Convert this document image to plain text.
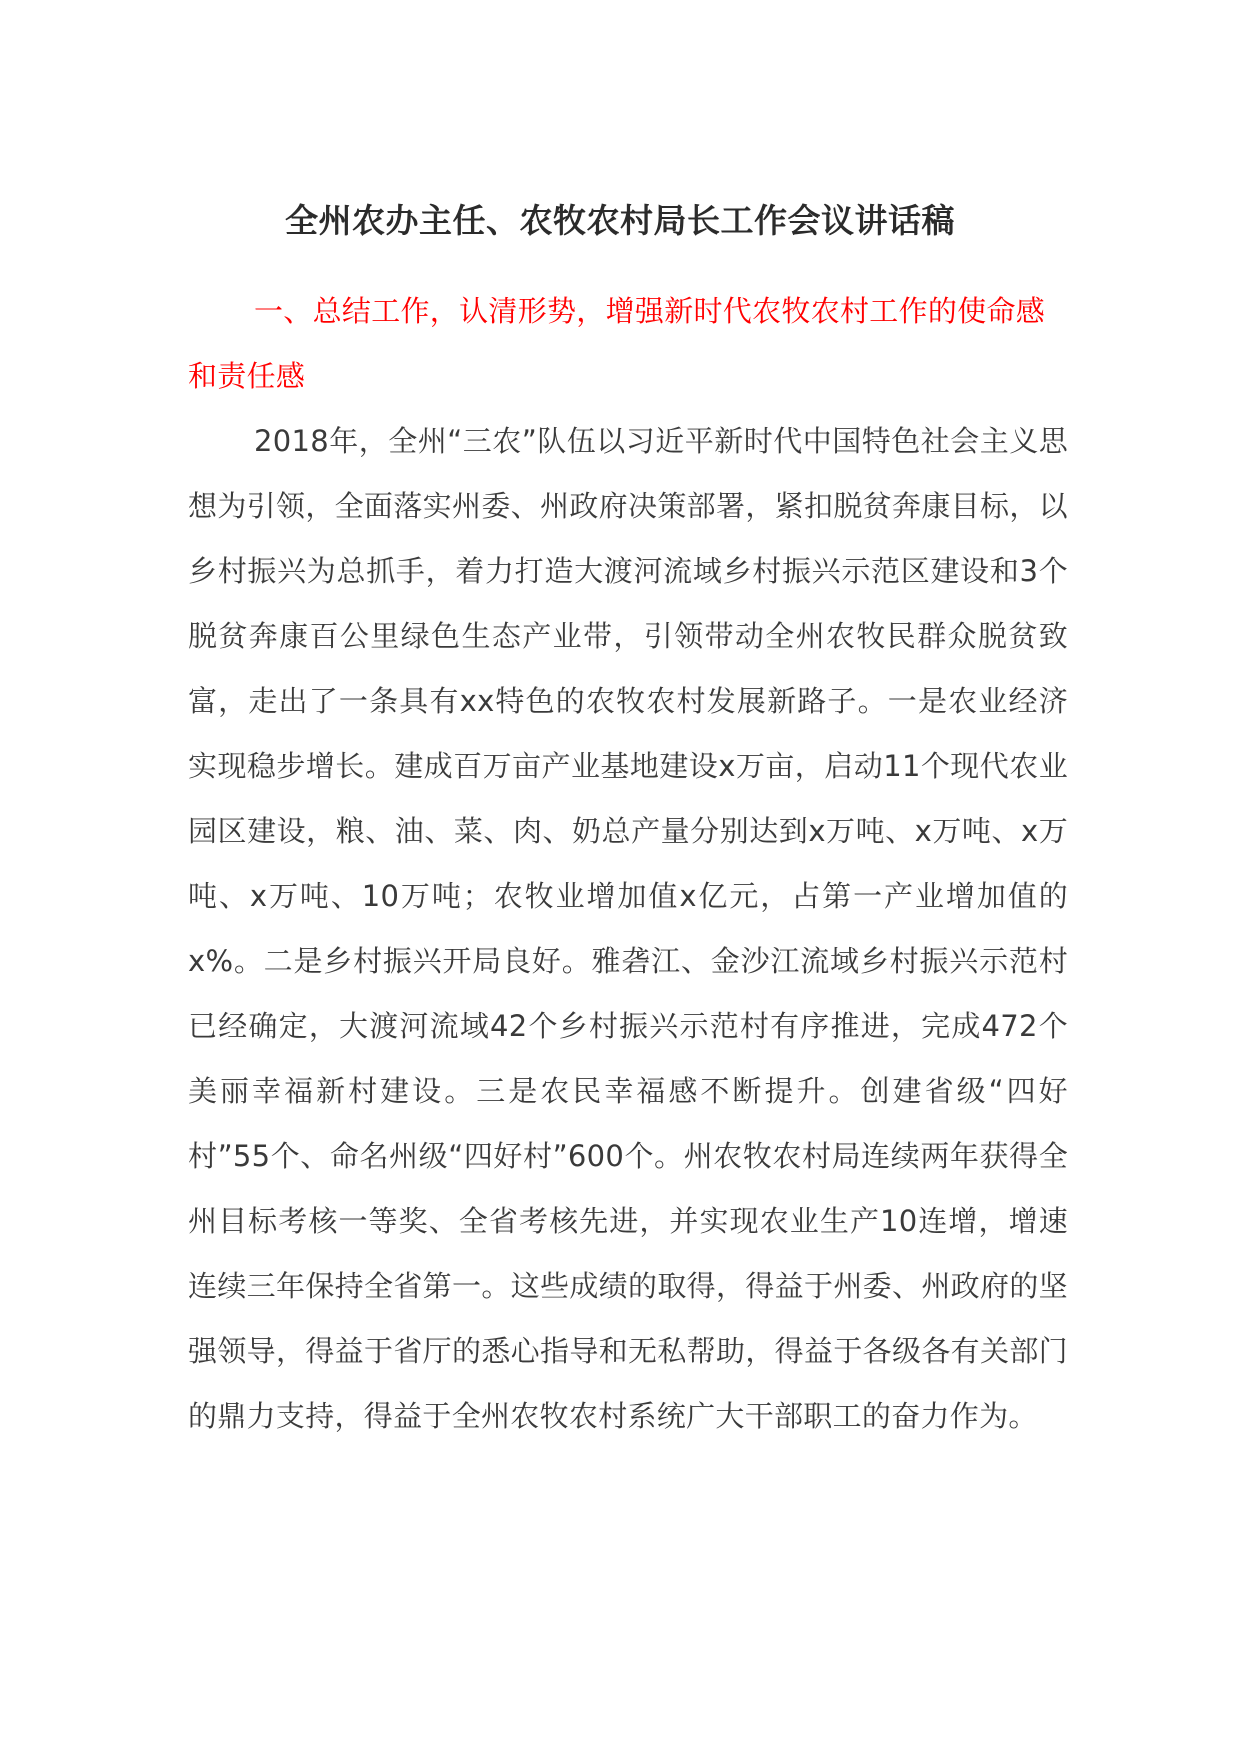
全州农办主任、农牧农村局长工作会议讲话稿

一、总结工作，认清形势，增强新时代农牧农村工作的使命感和责任感

2018年，全州“三农”队伍以习近平新时代中国特色社会主义思想为引领，全面落实州委、州政府决策部署，紧扣脱贫奔康目标，以乡村振兴为总抓手，着力打造大渡河流域乡村振兴示范区建设和3个脱贫奔康百公里绿色生态产业带，引领带动全州农牧民群众脱贫致富，走出了一条具有xx特色的农牧农村发展新路子。一是农业经济实现稳步增长。建成百万亩产业基地建设x万亩，启动11个现代农业园区建设，粮、油、菜、肉、奶总产量分别达到x万吨、x万吨、x万吨、x万吨、10万吨；农牧业增加值x亿元，占第一产业增加值的x%。二是乡村振兴开局良好。雅砻江、金沙江流域乡村振兴示范村已经确定，大渡河流域42个乡村振兴示范村有序推进，完成472个美丽幸福新村建设。三是农民幸福感不断提升。创建省级“四好村”55个、命名州级“四好村”600个。州农牧农村局连续两年获得全州目标考核一等奖、全省考核先进，并实现农业生产10连增，增速连续三年保持全省第一。这些成绩的取得，得益于州委、州政府的坚强领导，得益于省厅的悉心指导和无私帮助，得益于各级各有关部门的鼎力支持，得益于全州农牧农村系统广大干部职工的奋力作为。
